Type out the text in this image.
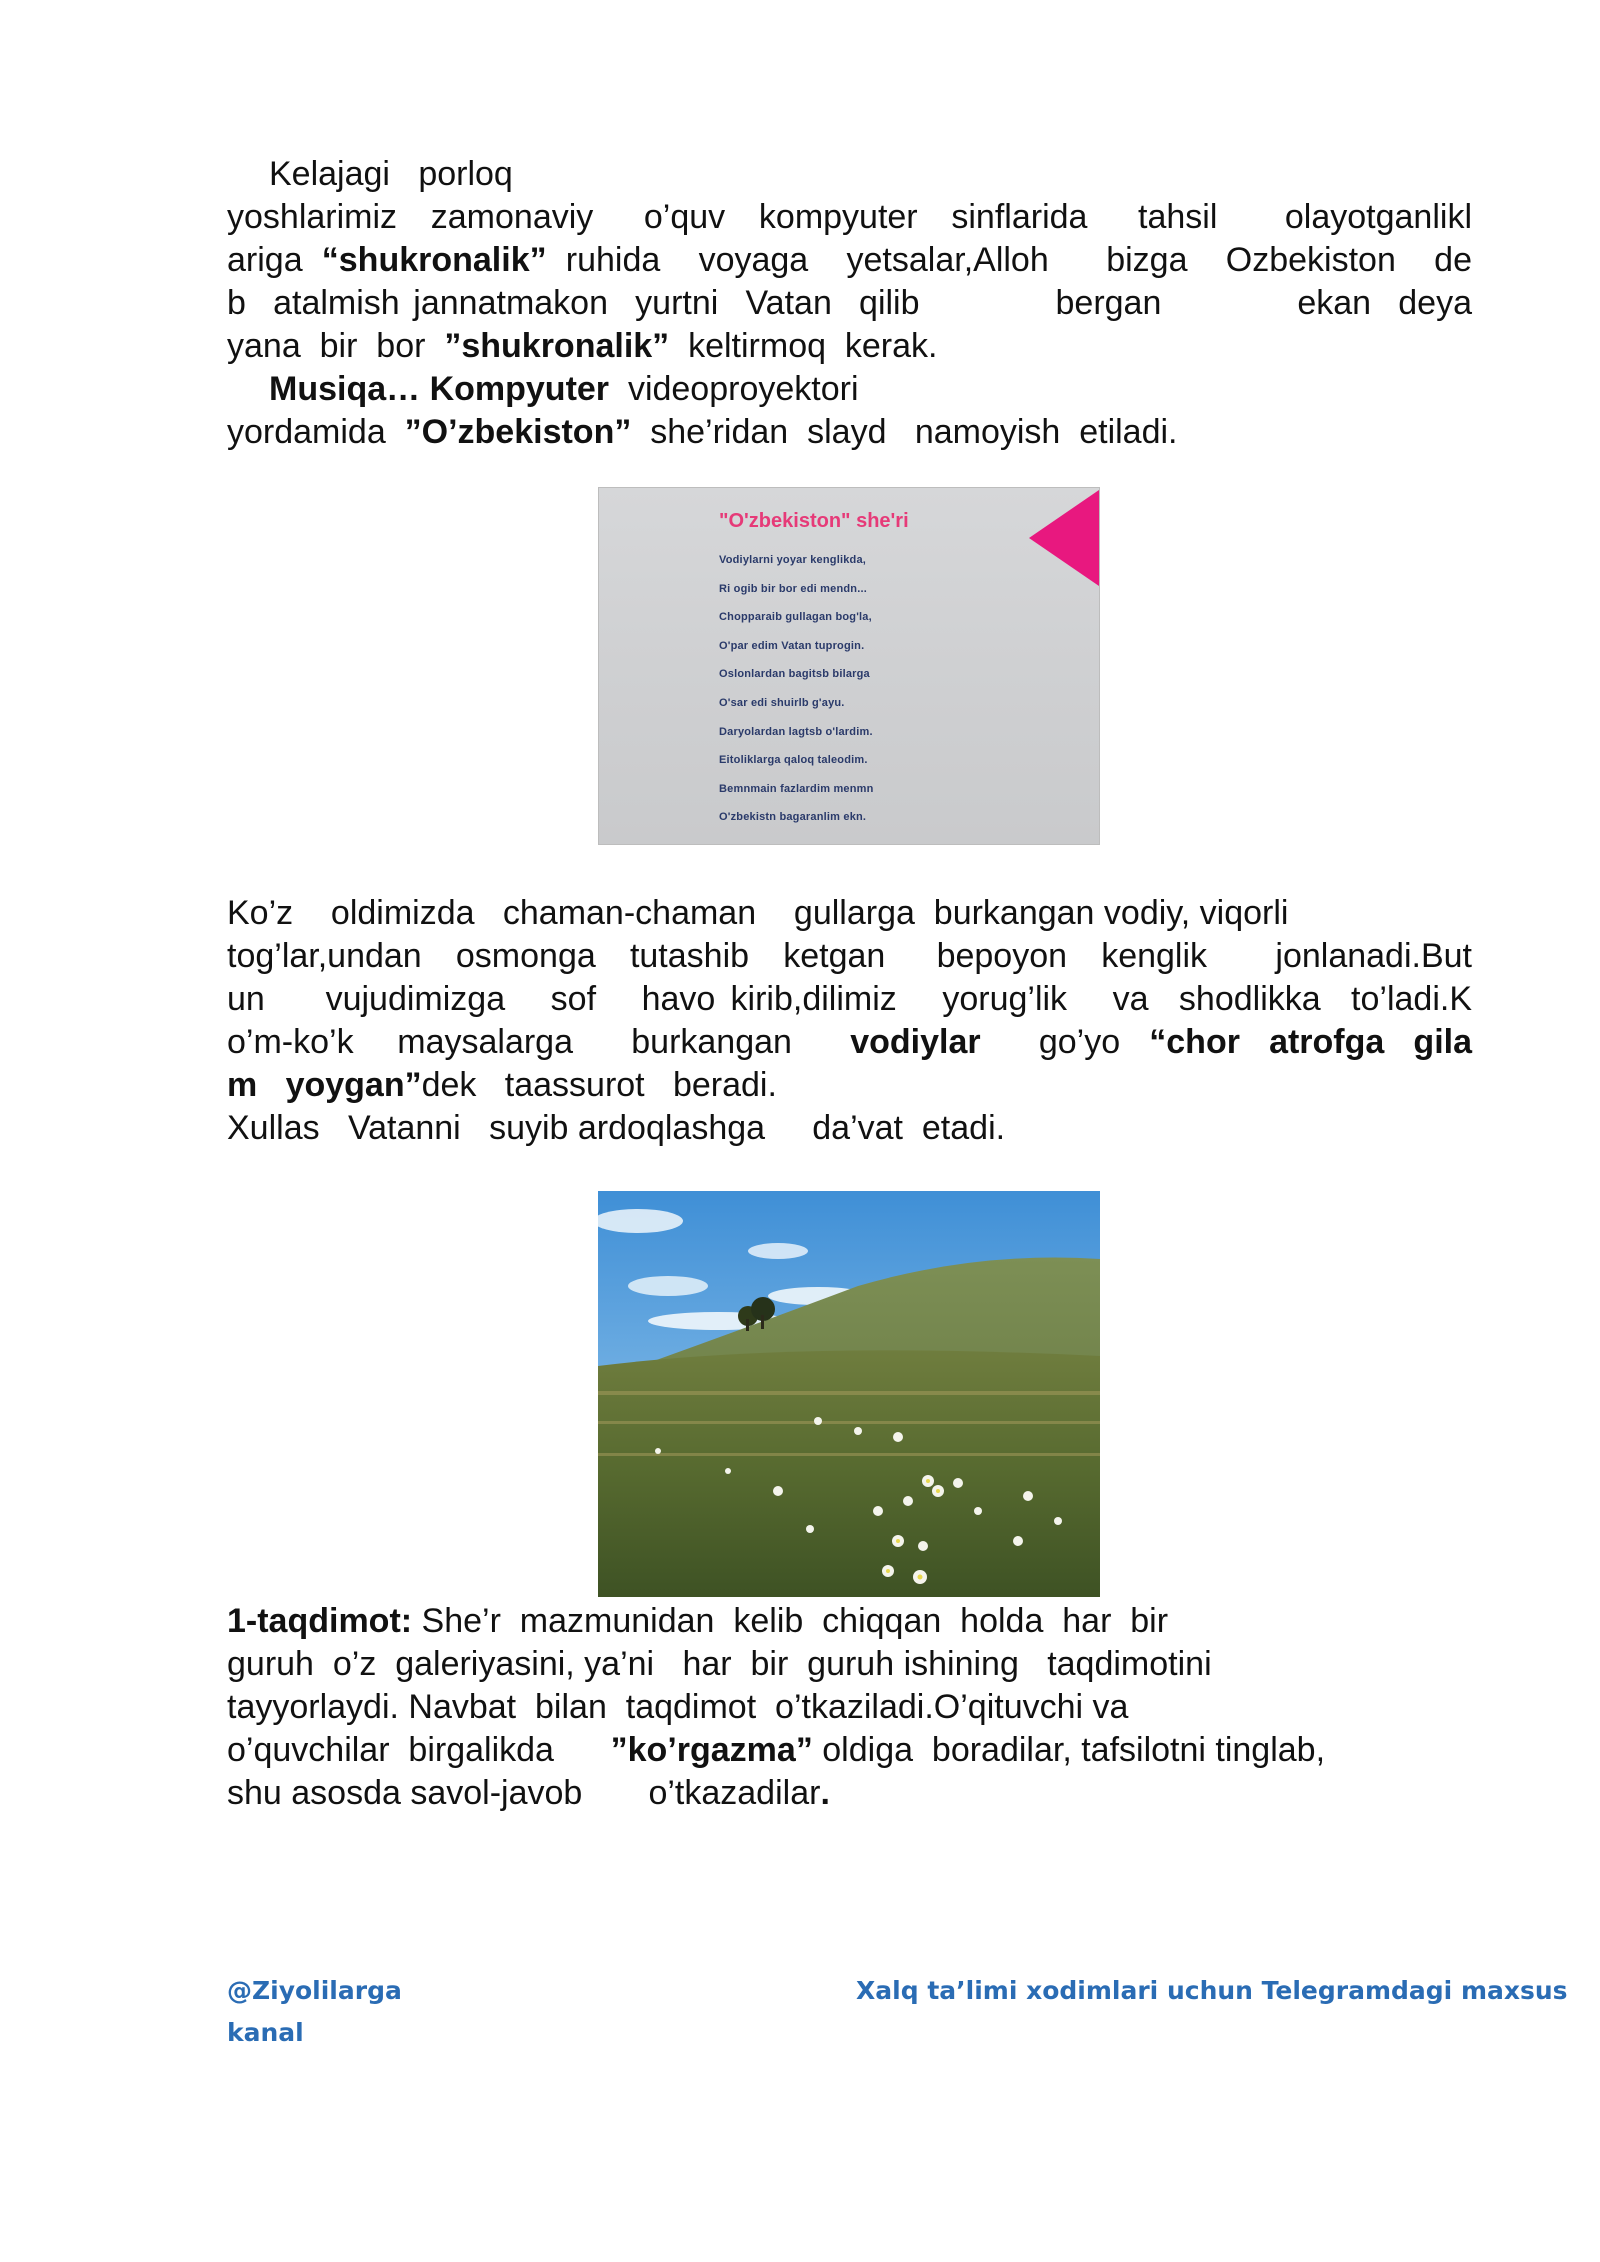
Kelajagi   porloq
yoshlarimiz  zamonaviy   o’quv  kompyuter  sinflarida   tahsil    olayotganlikl
ariga “shukronalik” ruhida  voyaga  yetsalar,Alloh   bizga  Ozbekiston  de
b  atalmish jannatmakon  yurtni  Vatan  qilib          bergan          ekan  deya
yana  bir  bor  ”shukronalik”  keltirmoq  kerak.
Musiqa… Kompyuter  videoproyektori
yordamida  ”O’zbekiston”  she’ridan  slayd   namoyish  etiladi.
"O'zbekiston" she'ri
Vodiylarni yoyar kenglikda,
Ri ogib bir bor edi mendn...
Chopparaib gullagan bog'la,
O'par edim Vatan tuprogin.
Oslonlardan bagitsb bilarga
O'sar edi shuirlb g'ayu.
Daryolardan lagtsb o'lardim.
Eitoliklarga qaloq taleodim.
Bemnmain fazlardim menmn
O'zbekistn bagaranlim ekn.
Ko’z    oldimizda   chaman-chaman    gullarga  burkangan vodiy, viqorli
tog’lar,undan  osmonga  tutashib  ketgan   bepoyon  kenglik    jonlanadi.But
un    vujudimizga   sof   havo kirib,dilimiz   yorug’lik   va  shodlikka  to’ladi.K
o’m-ko’k   maysalarga    burkangan    vodiylar    go’yo  “chor  atrofga  gila
m   yoygan”dek   taassurot   beradi.
Xullas   Vatanni   suyib ardoqlashga     da’vat  etadi.
1-taqdimot: She’r  mazmunidan  kelib  chiqqan  holda  har  bir
guruh  o’z  galeriyasini, ya’ni   har  bir  guruh ishining   taqdimotini
tayyorlaydi. Navbat  bilan  taqdimot  o’tkaziladi.O’qituvchi va
o’quvchilar  birgalikda      ”ko’rgazma” oldiga  boradilar, tafsilotni tinglab,
shu asosda savol-javob       o’tkazadilar.
@Ziyolilarga
kanal
Xalq ta’limi xodimlari uchun Telegramdagi maxsus
